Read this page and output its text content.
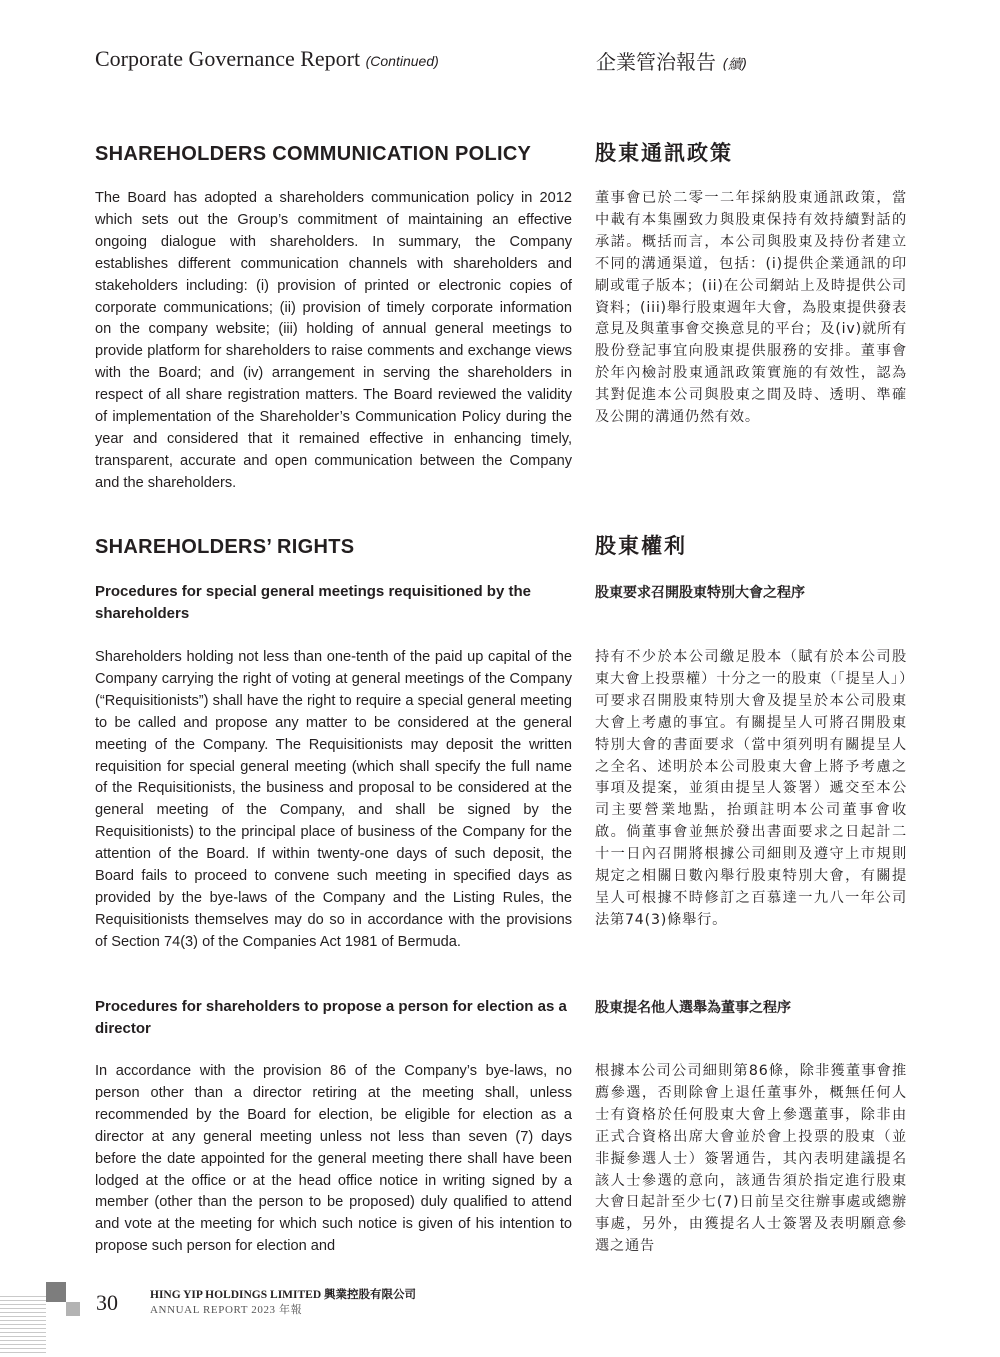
Corporate Governance Report (Continued)	企業管治報告 (續)
SHAREHOLDERS COMMUNICATION POLICY	股東通訊政策

The Board has adopted a shareholders communication policy in 2012 which sets out the Group’s commitment of maintaining an effective ongoing dialogue with shareholders. In summary, the Company establishes different communication channels with shareholders and stakeholders including: (i) provision of printed or electronic copies of corporate communications; (ii) provision of timely corporate information on the company website; (iii) holding of annual general meetings to provide platform for shareholders to raise comments and exchange views with the Board; and (iv) arrangement in serving the shareholders in respect of all share registration matters. The Board reviewed the validity of implementation of the Shareholder’s Communication Policy during the year and considered that it remained effective in enhancing timely, transparent, accurate and open communication between the Company and the shareholders.

董事會已於二零一二年採納股東通訊政策，當中載有本集團致力與股東保持有效持續對話的承諾。概括而言，本公司與股東及持份者建立不同的溝通渠道，包括：(i)提供企業通訊的印刷或電子版本；(ii)在公司網站上及時提供公司資料；(iii)舉行股東週年大會，為股東提供發表意見及與董事會交換意見的平台；及(iv)就所有股份登記事宜向股東提供服務的安排。董事會於年內檢討股東通訊政策實施的有效性，認為其對促進本公司與股東之間及時、透明、準確及公開的溝通仍然有效。

SHAREHOLDERS’ RIGHTS	股東權利
Procedures for special general meetings requisitioned by the shareholders
股東要求召開股東特別大會之程序

Shareholders holding not less than one-tenth of the paid up capital of the Company carrying the right of voting at general meetings of the Company (“Requisitionists”) shall have the right to require a special general meeting to be called and propose any matter to be considered at the general meeting of the Company. The Requisitionists may deposit the written requisition for special general meeting (which shall specify the full name of the Requisitionists, the business and proposal to be considered at the general meeting of the Company, and shall be signed by the Requisitionists) to the principal place of business of the Company for the attention of the Board. If within twenty-one days of such deposit, the Board fails to proceed to convene such meeting in specified days as provided by the bye-laws of the Company and the Listing Rules, the Requisitionists themselves may do so in accordance with the provisions of Section 74(3) of the Companies Act 1981 of Bermuda.

持有不少於本公司繳足股本（賦有於本公司股東大會上投票權）十分之一的股東（「提呈人」）可要求召開股東特別大會及提呈於本公司股東大會上考慮的事宜。有關提呈人可將召開股東特別大會的書面要求（當中須列明有關提呈人之全名、述明於本公司股東大會上將予考慮之事項及提案，並須由提呈人簽署）遞交至本公司主要營業地點，抬頭註明本公司董事會收啟。倘董事會並無於發出書面要求之日起計二十一日內召開將根據公司細則及遵守上市規則規定之相關日數內舉行股東特別大會，有關提呈人可根據不時修訂之百慕達一九八一年公司法第74(3)條舉行。

Procedures for shareholders to propose a person for election as a director
股東提名他人選舉為董事之程序

In accordance with the provision 86 of the Company’s bye-laws, no person other than a director retiring at the meeting shall, unless recommended by the Board for election, be eligible for election as a director at any general meeting unless not less than seven (7) days before the date appointed for the general meeting there shall have been lodged at the office or at the head office notice in writing signed by a member (other than the person to be proposed) duly qualified to attend and vote at the meeting for which such notice is given of his intention to propose such person for election and

根據本公司公司細則第86條，除非獲董事會推薦參選，否則除會上退任董事外，概無任何人士有資格於任何股東大會上參選董事，除非由正式合資格出席大會並於會上投票的股東（並非擬參選人士）簽署通告，其內表明建議提名該人士參選的意向，該通告須於指定進行股東大會日起計至少七(7)日前呈交往辦事處或總辦事處，另外，由獲提名人士簽署及表明願意參選之通告

30	HING YIP HOLDINGS LIMITED 興業控股有限公司
ANNUAL REPORT 2023 年報
